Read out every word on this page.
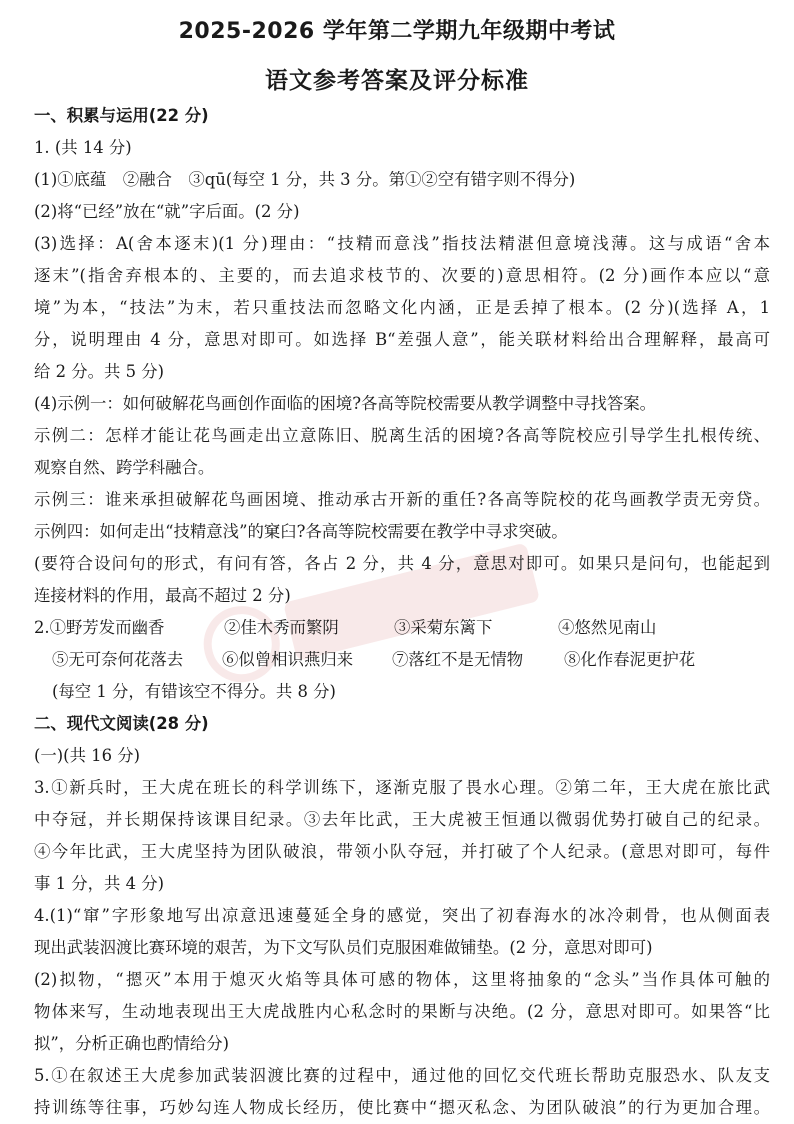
2025-2026 学年第二学期九年级期中考试
语文参考答案及评分标准
一、积累与运用(22 分)
1. (共 14 分)
(1)①底蕴　②融合　③qū(每空 1 分，共 3 分。第①②空有错字则不得分)
(2)将“已经”放在“就”字后面。(2 分)
(3)选择：A(舍本逐末)(1 分)理由：“技精而意浅”指技法精湛但意境浅薄。这与成语“舍本
逐末”(指舍弃根本的、主要的，而去追求枝节的、次要的)意思相符。(2 分)画作本应以“意
境”为本，“技法”为末，若只重技法而忽略文化内涵，正是丢掉了根本。(2 分)(选择 A，1
分，说明理由 4 分，意思对即可。如选择 B“差强人意”，能关联材料给出合理解释，最高可
给 2 分。共 5 分)
(4)示例一：如何破解花鸟画创作面临的困境?各高等院校需要从教学调整中寻找答案。
示例二：怎样才能让花鸟画走出立意陈旧、脱离生活的困境?各高等院校应引导学生扎根传统、
观察自然、跨学科融合。
示例三：谁来承担破解花鸟画困境、推动承古开新的重任?各高等院校的花鸟画教学责无旁贷。
示例四：如何走出“技精意浅”的窠臼?各高等院校需要在教学中寻求突破。
(要符合设问句的形式，有问有答，各占 2 分，共 4 分，意思对即可。如果只是问句，也能起到
连接材料的作用，最高不超过 2 分)
2.①野芳发而幽香	②佳木秀而繁阴	③采菊东篱下	④悠然见南山
⑤无可奈何花落去	⑥似曾相识燕归来	⑦落红不是无情物	⑧化作春泥更护花
(每空 1 分，有错该空不得分。共 8 分)
二、现代文阅读(28 分)
(一)(共 16 分)
3.①新兵时，王大虎在班长的科学训练下，逐渐克服了畏水心理。②第二年，王大虎在旅比武
中夺冠，并长期保持该课目纪录。③去年比武，王大虎被王恒通以微弱优势打破自己的纪录。
④今年比武，王大虎坚持为团队破浪，带领小队夺冠，并打破了个人纪录。(意思对即可，每件
事 1 分，共 4 分)
4.(1)“窜”字形象地写出凉意迅速蔓延全身的感觉，突出了初春海水的冰冷刺骨，也从侧面表
现出武装泅渡比赛环境的艰苦，为下文写队员们克服困难做铺垫。(2 分，意思对即可)
(2)拟物，“摁灭”本用于熄灭火焰等具体可感的物体，这里将抽象的“念头”当作具体可触的
物体来写，生动地表现出王大虎战胜内心私念时的果断与决绝。(2 分，意思对即可。如果答“比
拟”，分析正确也酌情给分)
5.①在叙述王大虎参加武装泅渡比赛的过程中，通过他的回忆交代班长帮助克服恐水、队友支
持训练等往事，巧妙勾连人物成长经历，使比赛中“摁灭私念、为团队破浪”的行为更加合理。
